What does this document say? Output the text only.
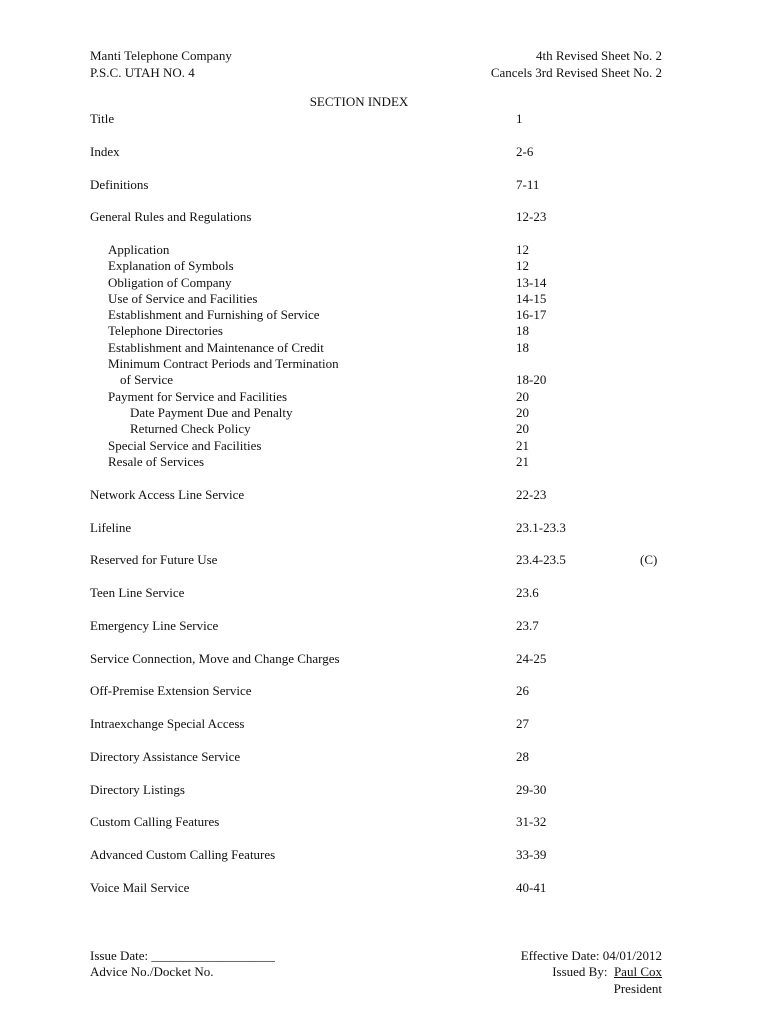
Manti Telephone Company
P.S.C. UTAH NO. 4
4th Revised Sheet No. 2
Cancels 3rd Revised Sheet No. 2
SECTION INDEX
Title	1
Index	2-6
Definitions	7-11
General Rules and Regulations	12-23
Application	12
Explanation of Symbols	12
Obligation of Company	13-14
Use of Service and Facilities	14-15
Establishment and Furnishing of Service	16-17
Telephone Directories	18
Establishment and Maintenance of Credit	18
Minimum Contract Periods and Termination
of Service	18-20
Payment for Service and Facilities	20
Date Payment Due and Penalty	20
Returned Check Policy	20
Special Service and Facilities	21
Resale of Services	21
Network Access Line Service	22-23
Lifeline	23.1-23.3
Reserved for Future Use	23.4-23.5	(C)
Teen Line Service	23.6
Emergency Line Service	23.7
Service Connection, Move and Change Charges	24-25
Off-Premise Extension Service	26
Intraexchange Special Access	27
Directory Assistance Service	28
Directory Listings	29-30
Custom Calling Features	31-32
Advanced Custom Calling Features	33-39
Voice Mail Service	40-41
Issue Date: ___________________
Advice No./Docket No.
Effective Date: 04/01/2012
Issued By: Paul Cox
President
